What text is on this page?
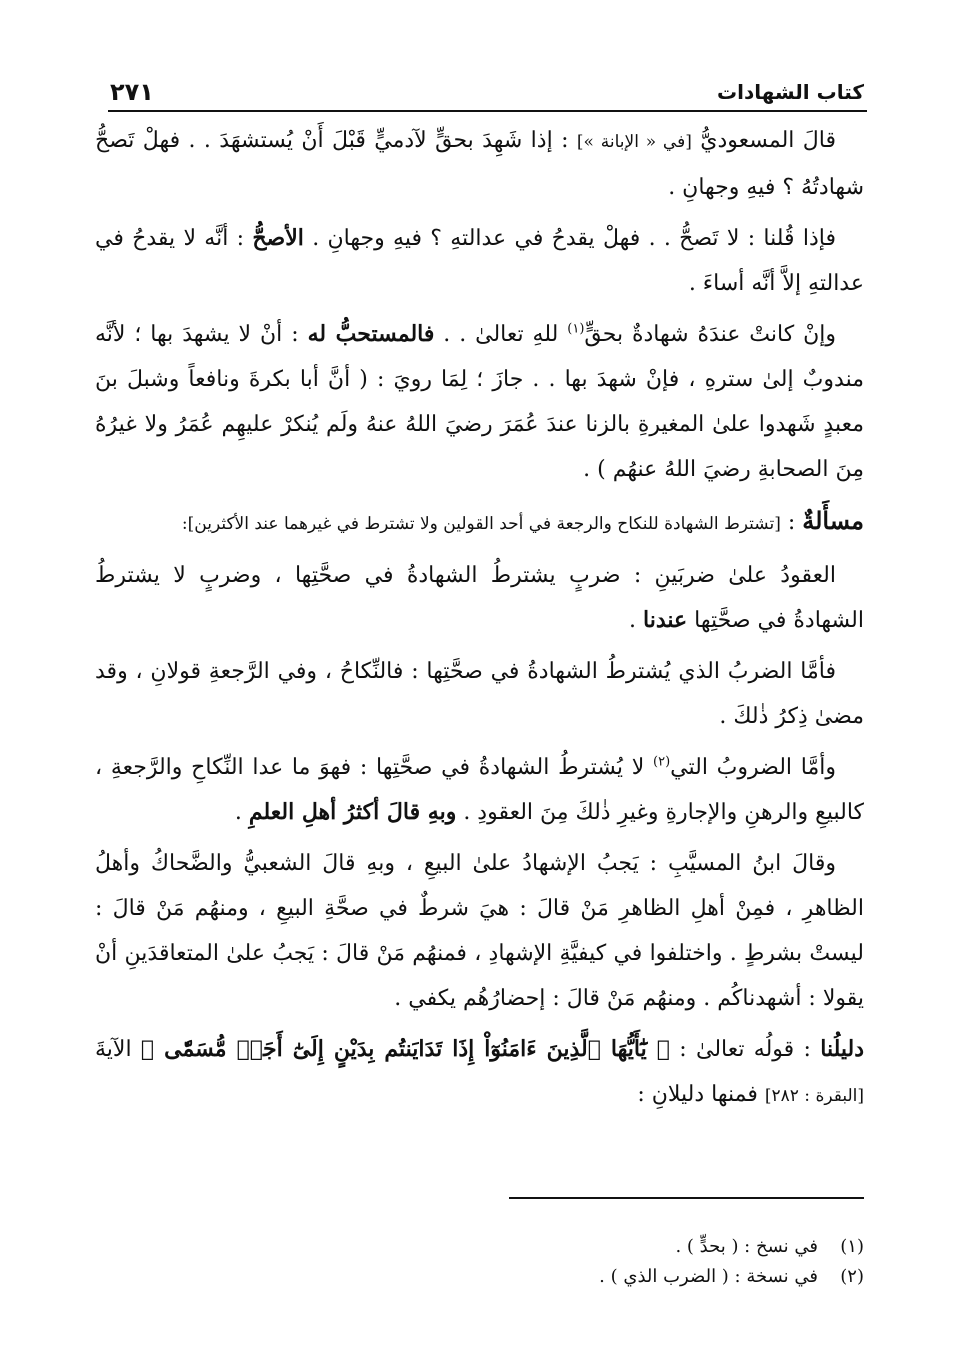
كتاب الشهادات
٢٧١

قالَ المسعوديُّ [في « الإبانة »] : إذا شَهِدَ بحقٍّ لآدميٍّ قَبْلَ أَنْ يُستشهَدَ . . فهلْ تَصحُّ شهادتُهُ ؟ فيهِ وجهانِ .

فإذا قُلنا : لا تَصحُّ . . فهلْ يقدحُ في عدالتهِ ؟ فيهِ وجهانِ . الأصحُّ : أنَّه لا يقدحُ في عدالتهِ إلاَّ أنَّه أساءَ .

وإنْ كانتْ عندَهُ شهادةٌ بحقٍّ$^{(١)}$ للهِ تعالىٰ . . فالمستحبُّ له : أنْ لا يشهدَ بها ؛ لأنَّه مندوبٌ إلىٰ سترهِ ، فإنْ شهدَ بها . . جازَ ؛ لِمَا رويَ : ( أنَّ أبا بكرةَ ونافعاً وشبلَ بنَ معبدٍ شَهدوا علىٰ المغيرةِ بالزنا عندَ عُمَرَ رضيَ اللهُ عنهُ ولَم يُنكرْ عليهِم عُمَرُ ولا غيرُهُ مِنَ الصحابةِ رضيَ اللهُ عنهُم ) .

مسأَلةٌ : [تشترط الشهادة للنكاح والرجعة في أحد القولين ولا تشترط في غيرهما عند الأكثرين]:

العقودُ علىٰ ضربَينِ : ضربٍ يشترطُ الشهادةُ في صحَّتِها ، وضربٍ لا يشترطُ الشهادةُ في صحَّتِها عندنا .

فأمَّا الضربُ الذي يُشترطُ الشهادةُ في صحَّتِها : فالنِّكاحُ ، وفي الرَّجعةِ قولانِ ، وقد مضىٰ ذِكرُ ذٰلكَ .

وأمَّا الضروبُ التي$^{(٢)}$ لا يُشترطُ الشهادةُ في صحَّتِها : فهوَ ما عدا النِّكاحِ والرَّجعةِ ، كالبيعِ والرهنِ والإجارةِ وغيرِ ذٰلكَ مِنَ العقودِ . وبهِ قالَ أكثرُ أهلِ العلمِ .

وقالَ ابنُ المسيَّبِ : يَجبُ الإشهادُ علىٰ البيعِ ، وبهِ قالَ الشعبيُّ والضَّحاكُ وأهلُ الظاهرِ ، فمِنْ أهلِ الظاهرِ مَنْ قالَ : هيَ شرطٌ في صحَّةِ البيعِ ، ومنهُم مَنْ قالَ : ليستْ بشرطٍ . واختلفوا في كيفيَّةِ الإشهادِ ، فمنهُم مَنْ قالَ : يَجبُ علىٰ المتعاقدَينِ أنْ يقولا : أشهدناكُم . ومنهُم مَنْ قالَ : إحضارُهُم يكفي .

دليلُنا : قولُه تعالىٰ : ﴿ يَٰٓأَيُّهَا ٱلَّذِينَ ءَامَنُوٓاْ إِذَا تَدَايَنتُم بِدَيْنٍ إِلَىٰٓ أَجَلٖ مُّسَمّٗى ﴾ الآيةَ [البقرة : ٢٨٢] فمنها دليلانِ :

(١)في نسخ : ( بحدٍّ ) .

(٢)في نسخة : ( الضرب الذي ) .
